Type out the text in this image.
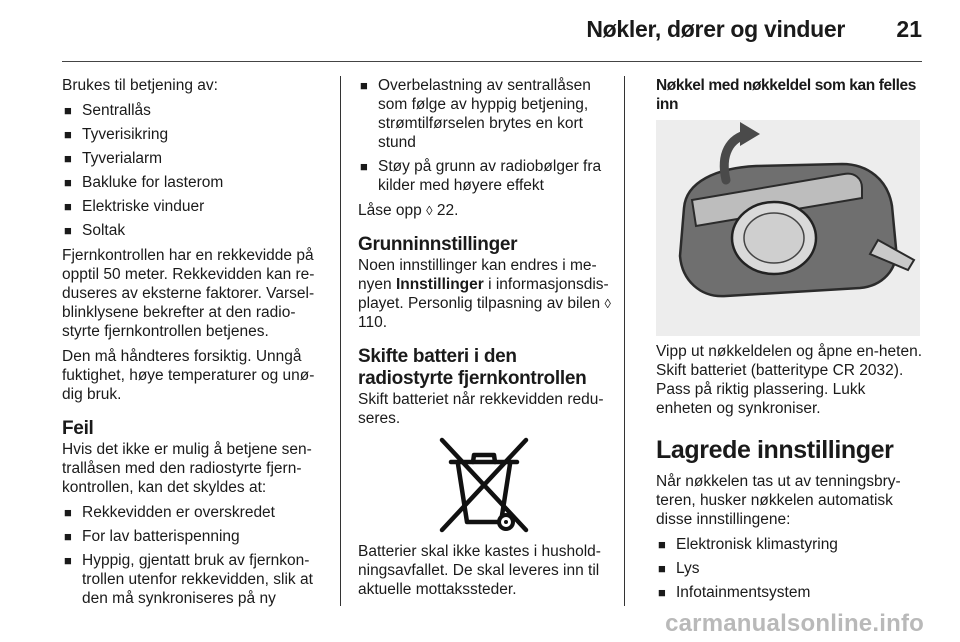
Nøkler, dører og vinduer 21

Brukes til betjening av:

■ Sentrallås
■ Tyverisikring
■ Tyverialarm
■ Bakluke for lasterom
■ Elektriske vinduer
■ Soltak

Fjernkontrollen har en rekkevidde på opptil 50 meter. Rekkevidden kan re-duseres av eksterne faktorer. Varsel-blinklysene bekrefter at den radio-styrte fjernkontrollen betjenes.

Den må håndteres forsiktig. Unngå fuktighet, høye temperaturer og unø-dig bruk.

Feil

Hvis det ikke er mulig å betjene sen-trallåsen med den radiostyrte fjern-kontrollen, kan det skyldes at:

■ Rekkevidden er overskredet
■ For lav batterispenning
■ Hyppig, gjentatt bruk av fjernkon-trollen utenfor rekkevidden, slik at den må synkroniseres på ny
■ Overbelastning av sentrallåsen som følge av hyppig betjening, strømtilførselen brytes en kort stund
■ Støy på grunn av radiobølger fra kilder med høyere effekt

Låse opp ◊ 22.

Grunninnstillinger

Noen innstillinger kan endres i me-nyen Innstillinger i informasjonsdis-playet. Personlig tilpasning av bilen ◊ 110.

Skifte batteri i den radiostyrte fjernkontrollen

Skift batteriet når rekkevidden redu-seres.

Batterier skal ikke kastes i hushold-ningsavfallet. De skal leveres inn til aktuelle mottakssteder.

Nøkkel med nøkkeldel som kan felles inn

Vipp ut nøkkeldelen og åpne en-heten. Skift batteriet (batteritype CR 2032). Pass på riktig plassering. Lukk enheten og synkroniser.

Lagrede innstillinger

Når nøkkelen tas ut av tenningsbry-teren, husker nøkkelen automatisk disse innstillingene:

■ Elektronisk klimastyring
■ Lys
■ Infotainmentsystem
carmanualsonline.info
